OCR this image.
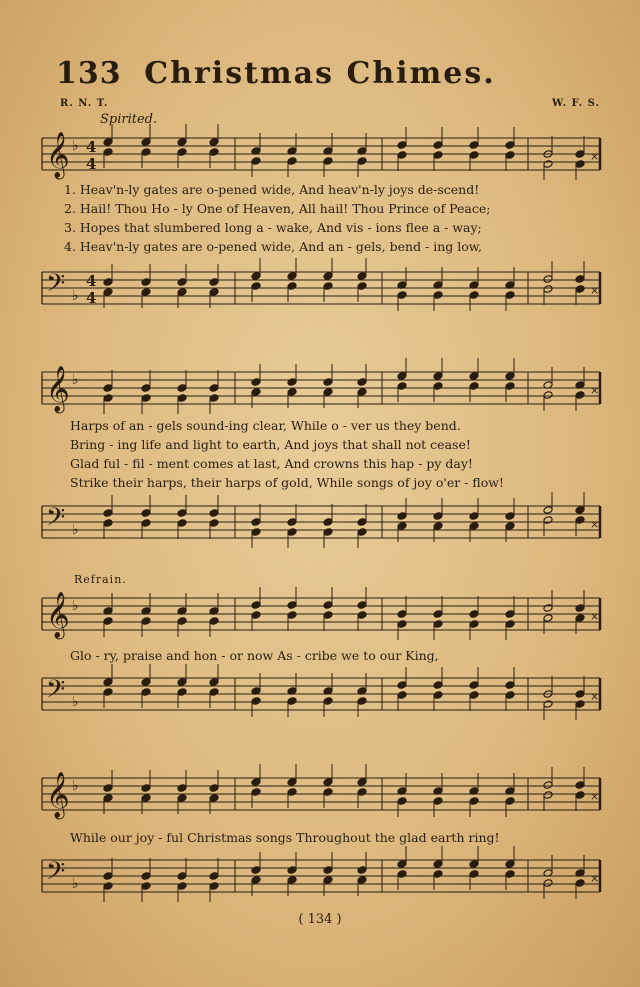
133 Christmas Chimes.
R. N. T.	W. F. S.
Spirited.
𝄞 ♭ 4
4	×
1. Heav'n-ly gates are o-pened wide, And heav'n-ly joys de-scend!
2. Hail! Thou Ho - ly One of Heaven, All hail! Thou Prince of Peace;
3. Hopes that slumbered long a - wake, And vis - ions flee a - way;
4. Heav'n-ly gates are o-pened wide, And an - gels, bend - ing low,
𝄢 ♭
4
4	×
𝄞 ♭
×
Harps of an - gels sound-ing clear, While o - ver us they bend.
Bring - ing life and light to earth, And joys that shall not cease!
Glad ful - fil - ment comes at last, And crowns this hap - py day!
Strike their harps, their harps of gold, While songs of joy o'er - flow!
𝄢 ♭	×
Refrain.
𝄞 ♭
×
Glo - ry, praise and hon - or now As - cribe we to our King,
𝄢 ♭	×
𝄞 ♭
×
While our joy - ful Christmas songs Throughout the glad earth ring!
𝄢 ♭	×
( 134 )
